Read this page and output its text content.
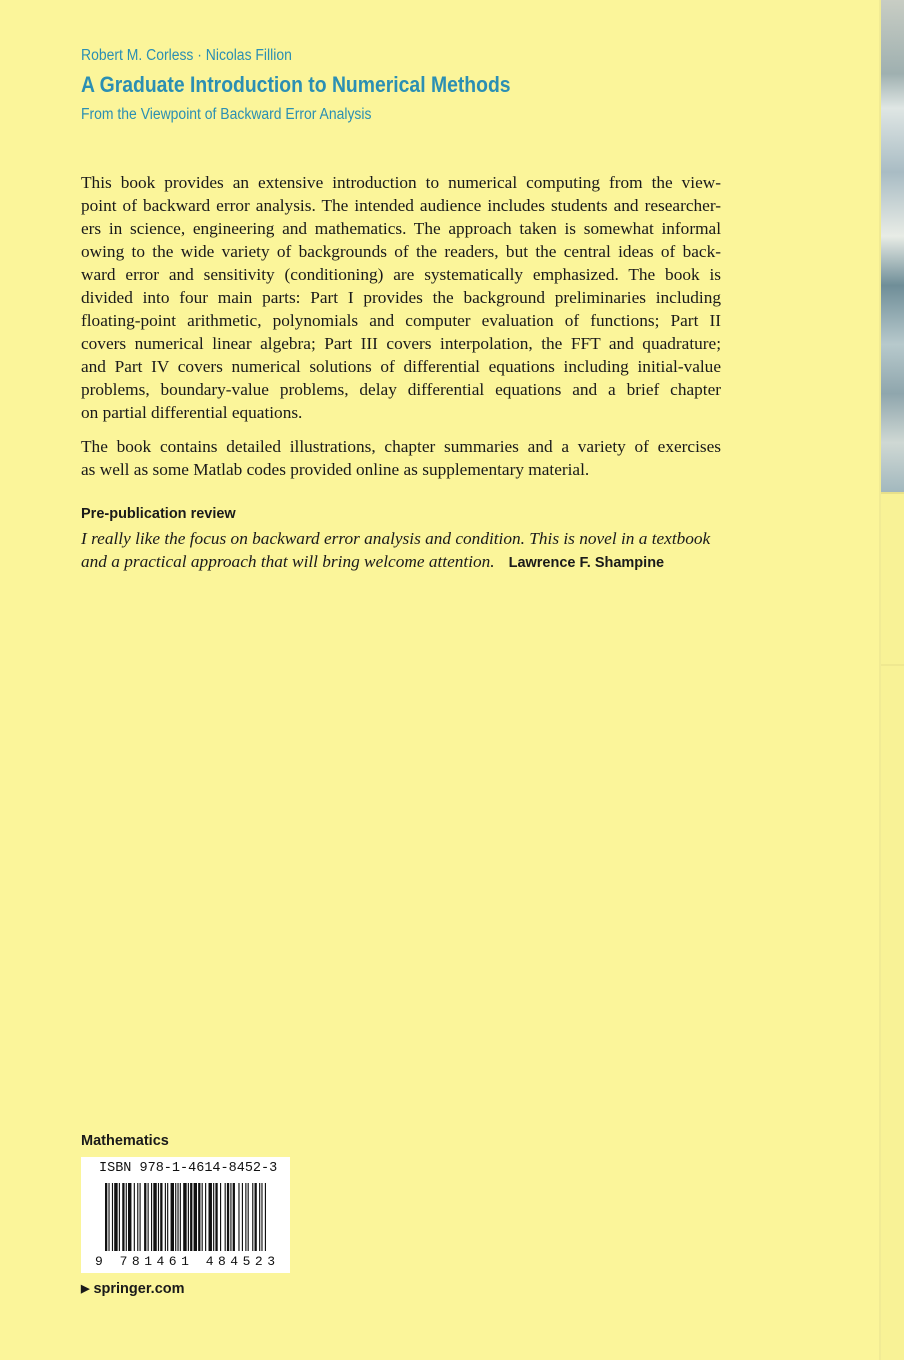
Robert M. Corless · Nicolas Fillion
A Graduate Introduction to Numerical Methods
From the Viewpoint of Backward Error Analysis
This book provides an extensive introduction to numerical computing from the view-
point of backward error analysis. The intended audience includes students and researcher-
ers in science, engineering and mathematics. The approach taken is somewhat informal
owing to the wide variety of backgrounds of the readers, but the central ideas of back-
ward error and sensitivity (conditioning) are systematically emphasized. The book is
divided into four main parts: Part I provides the background preliminaries including
floating-point arithmetic, polynomials and computer evaluation of functions; Part II
covers numerical linear algebra; Part III covers interpolation, the FFT and quadrature;
and Part IV covers numerical solutions of differential equations including initial-value
problems, boundary-value problems, delay differential equations and a brief chapter
on partial differential equations.
The book contains detailed illustrations, chapter summaries and a variety of exercises
as well as some Matlab codes provided online as supplementary material.
Pre-publication review
I really like the focus on backward error analysis and condition. This is novel in a textbook
and a practical approach that will bring welcome attention. Lawrence F. Shampine
Mathematics
ISBN 978-1-4614-8452-3
9 781461 484523
▶ springer.com
